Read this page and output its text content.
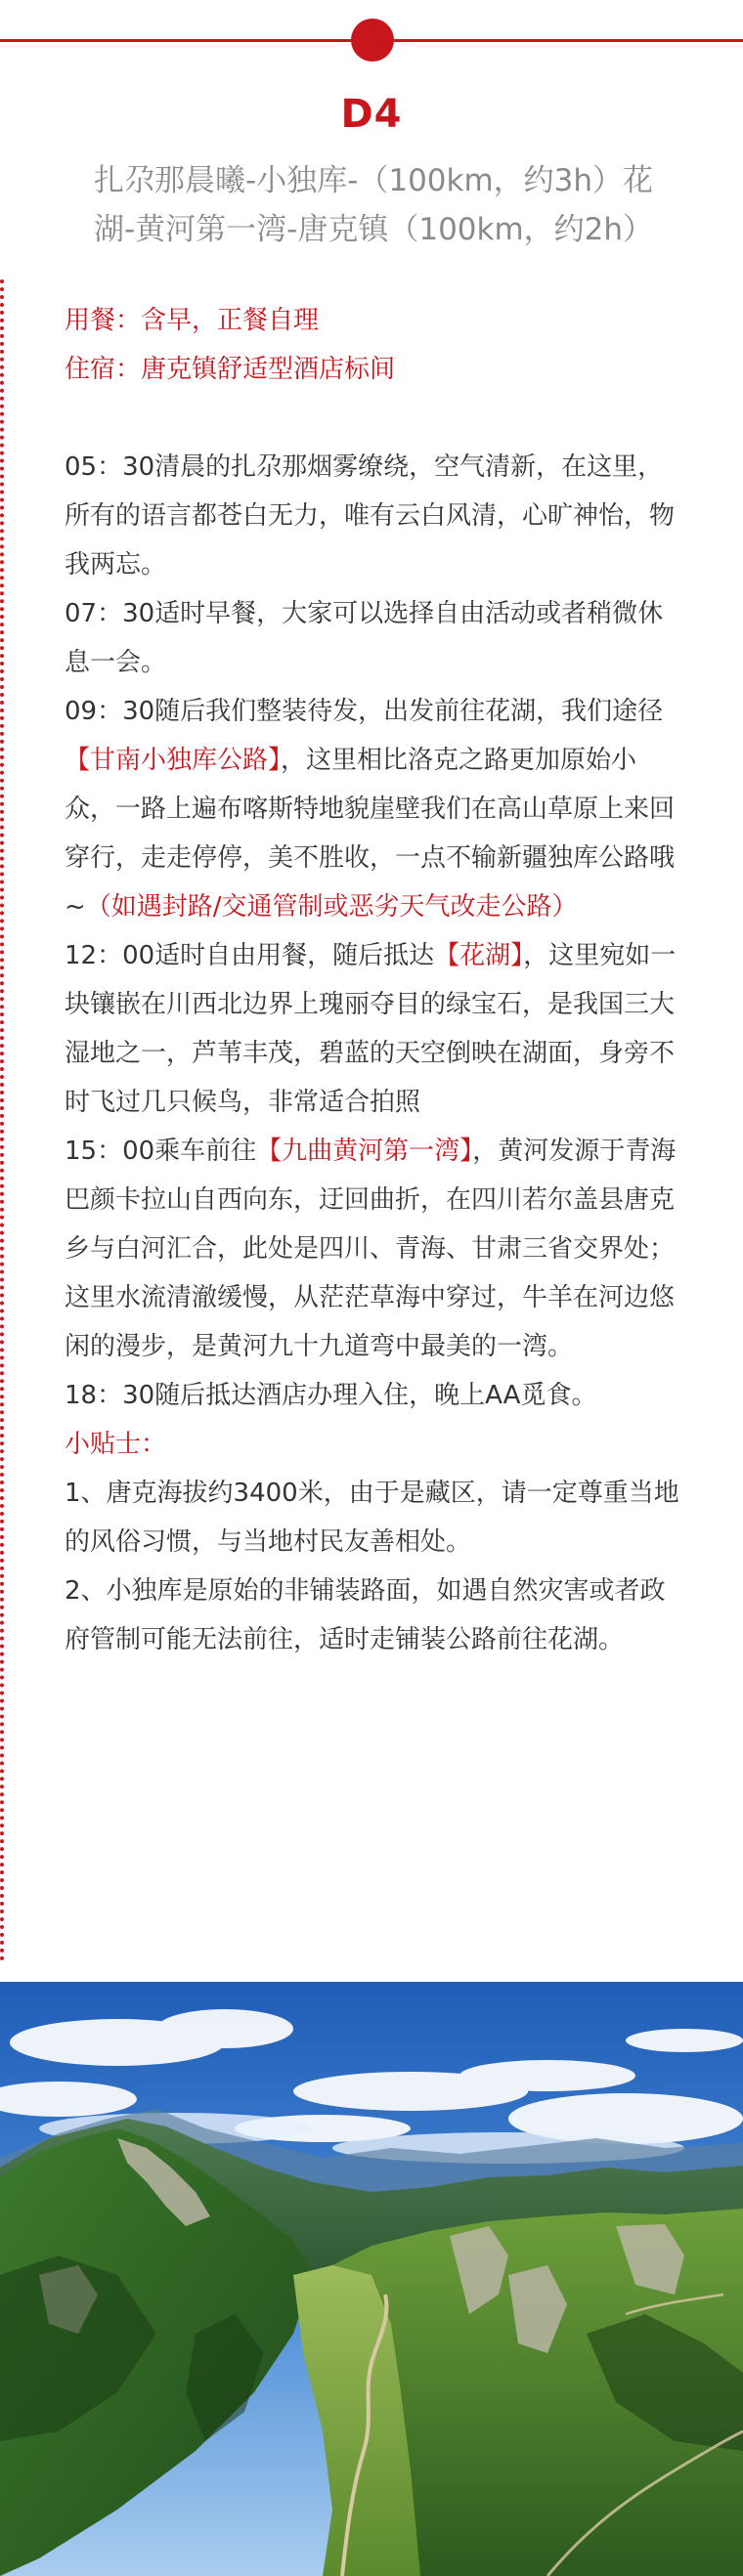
D4
扎尕那晨曦-小独库-（100km，约3h）花
湖-黄河第一湾-唐克镇（100km，约2h）

用餐：含早，正餐自理

住宿：唐克镇舒适型酒店标间

05：30清晨的扎尕那烟雾缭绕，空气清新，在这里，所有的语言都苍白无力，唯有云白风清，心旷神怡，物我两忘。

07：30适时早餐，大家可以选择自由活动或者稍微休息一会。

09：30随后我们整装待发，出发前往花湖，我们途径【甘南小独库公路】，这里相比洛克之路更加原始小众，一路上遍布喀斯特地貌崖壁我们在高山草原上来回穿行，走走停停，美不胜收，一点不输新疆独库公路哦~（如遇封路/交通管制或恶劣天气改走公路）

12：00适时自由用餐，随后抵达【花湖】，这里宛如一块镶嵌在川西北边界上瑰丽夺目的绿宝石，是我国三大湿地之一，芦苇丰茂，碧蓝的天空倒映在湖面，身旁不时飞过几只候鸟，非常适合拍照

15：00乘车前往【九曲黄河第一湾】，黄河发源于青海巴颜卡拉山自西向东，迂回曲折，在四川若尔盖县唐克乡与白河汇合，此处是四川、青海、甘肃三省交界处；这里水流清澈缓慢，从茫茫草海中穿过，牛羊在河边悠闲的漫步，是黄河九十九道弯中最美的一湾。

18：30随后抵达酒店办理入住，晚上AA觅食。

小贴士：

1、唐克海拔约3400米，由于是藏区，请一定尊重当地的风俗习惯，与当地村民友善相处。

2、小独库是原始的非铺装路面，如遇自然灾害或者政府管制可能无法前往，适时走铺装公路前往花湖。
